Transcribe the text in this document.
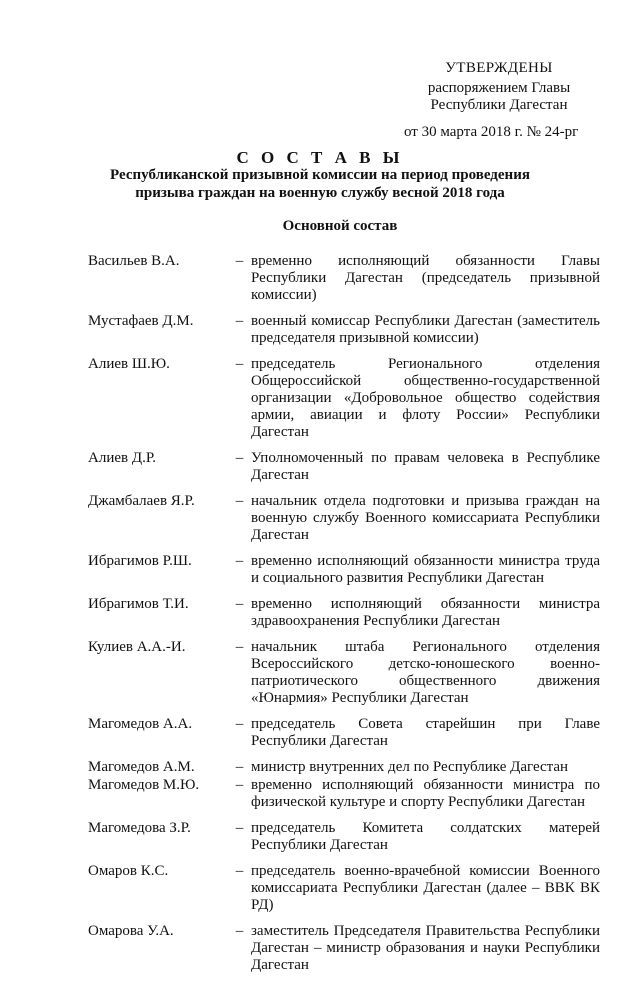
УТВЕРЖДЕНЫ
распоряжением Главы
Республики Дагестан
от 30 марта 2018 г. № 24-рг
С О С Т А В Ы
Республиканской призывной комиссии на период проведения призыва граждан на военную службу весной 2018 года
Основной состав
Васильев В.А.	– временно исполняющий обязанности Главы Республики Дагестан (председатель призывной комиссии)
Мустафаев Д.М.	– военный комиссар Республики Дагестан (заместитель председателя призывной комиссии)
Алиев Ш.Ю.	– председатель Регионального отделения Общероссийской общественно-государственной организации «Добровольное общество содействия армии, авиации и флоту России» Республики Дагестан
Алиев Д.Р.	– Уполномоченный по правам человека в Республике Дагестан
Джамбалаев Я.Р.	– начальник отдела подготовки и призыва граждан на военную службу Военного комиссариата Республики Дагестан
Ибрагимов Р.Ш.	– временно исполняющий обязанности министра труда и социального развития Республики Дагестан
Ибрагимов Т.И.	– временно исполняющий обязанности министра здравоохранения Республики Дагестан
Кулиев А.А.-И.	– начальник штаба Регионального отделения Всероссийского детско-юношеского военно-патриотического общественного движения «Юнармия» Республики Дагестан
Магомедов А.А.	– председатель Совета старейшин при Главе Республики Дагестан
Магомедов А.М.	– министр внутренних дел по Республике Дагестан
Магомедов М.Ю.	– временно исполняющий обязанности министра по физической культуре и спорту Республики Дагестан
Магомедова З.Р.	– председатель Комитета солдатских матерей Республики Дагестан
Омаров К.С.	– председатель военно-врачебной комиссии Военного комиссариата Республики Дагестан (далее – ВВК ВК РД)
Омарова У.А.	– заместитель Председателя Правительства Республики Дагестан – министр образования и науки Республики Дагестан
